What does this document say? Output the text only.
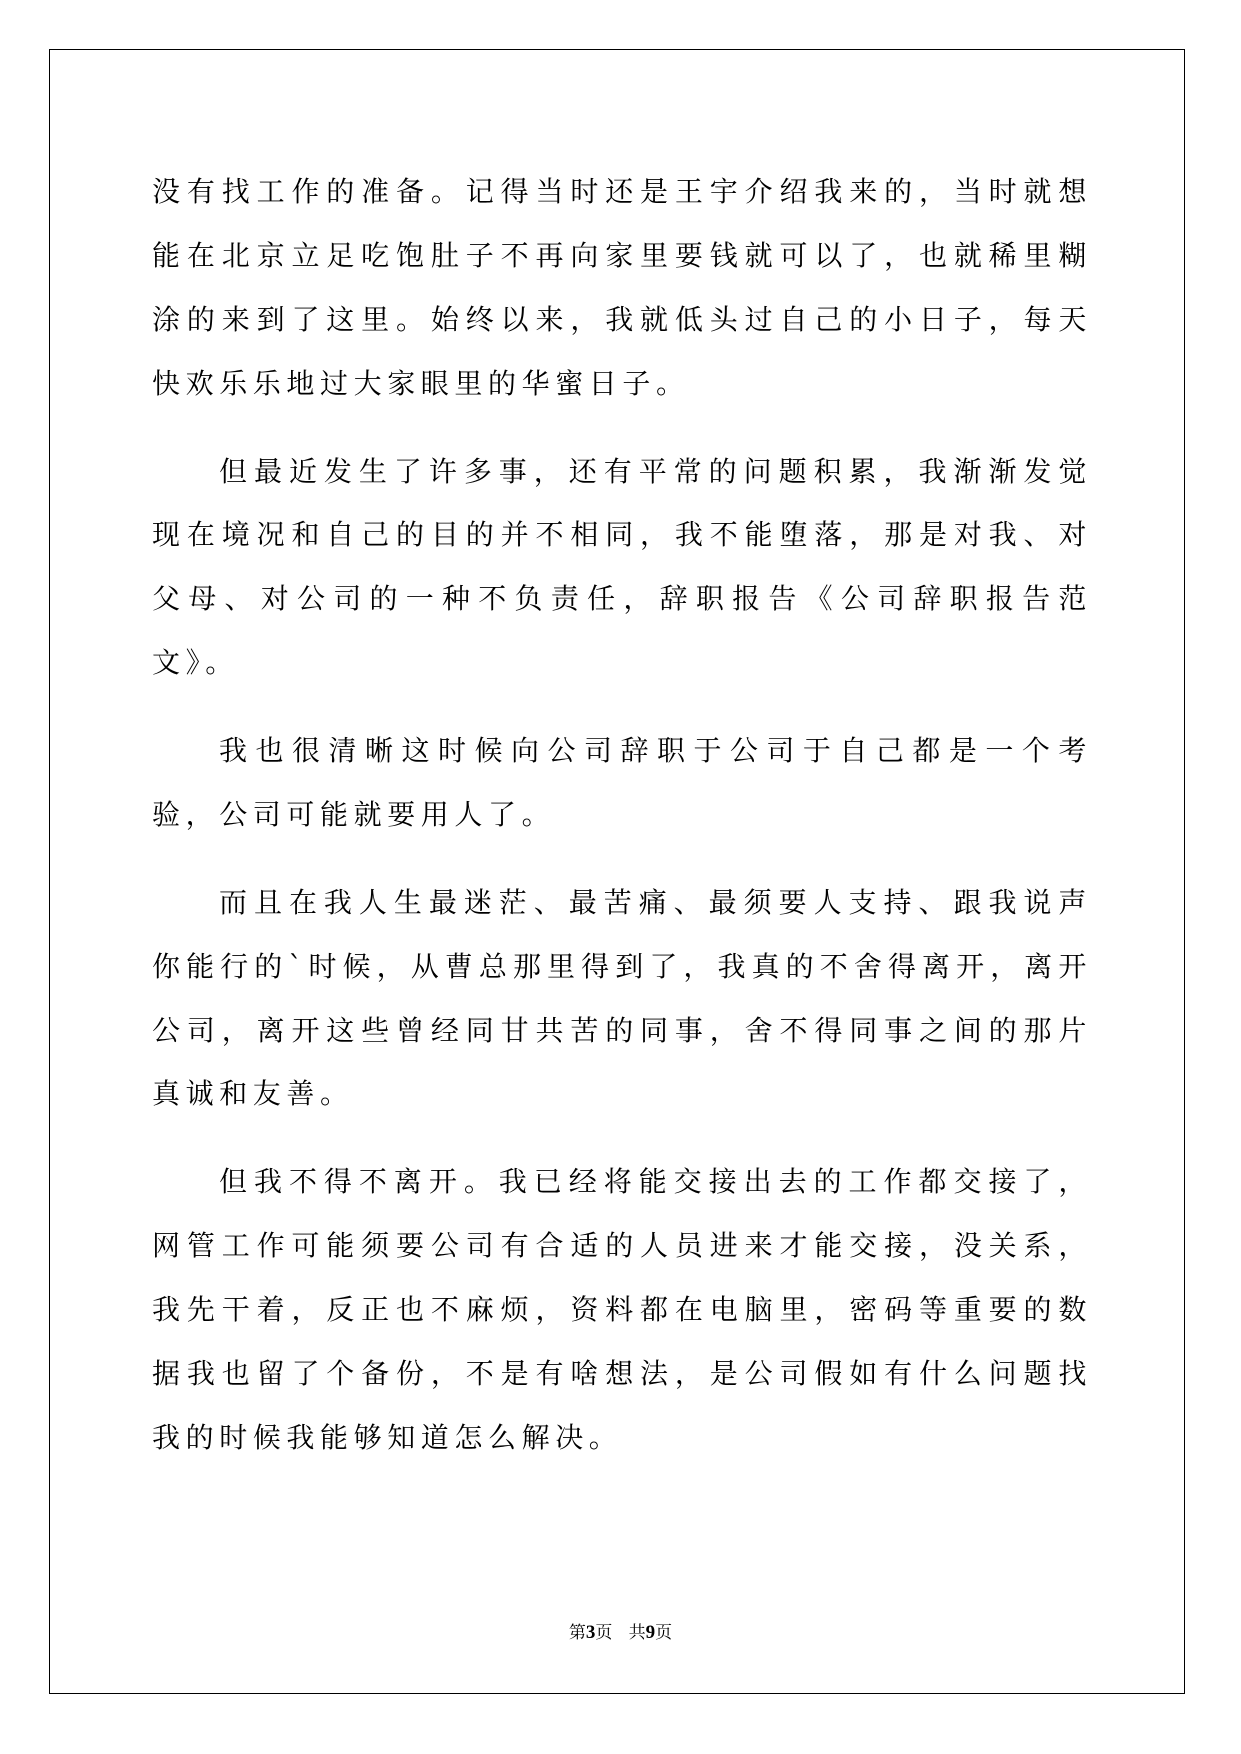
没有找工作的准备。记得当时还是王宇介绍我来的，当时就想能在北京立足吃饱肚子不再向家里要钱就可以了，也就稀里糊涂的来到了这里。始终以来，我就低头过自己的小日子，每天快欢乐乐地过大家眼里的华蜜日子。

但最近发生了许多事，还有平常的问题积累，我渐渐发觉现在境况和自己的目的并不相同，我不能堕落，那是对我、对父母、对公司的一种不负责任，辞职报告《公司辞职报告范文》。

我也很清晰这时候向公司辞职于公司于自己都是一个考验，公司可能就要用人了。

而且在我人生最迷茫、最苦痛、最须要人支持、跟我说声你能行的`时候，从曹总那里得到了，我真的不舍得离开，离开公司，离开这些曾经同甘共苦的同事，舍不得同事之间的那片真诚和友善。

但我不得不离开。我已经将能交接出去的工作都交接了，网管工作可能须要公司有合适的人员进来才能交接，没关系，我先干着，反正也不麻烦，资料都在电脑里，密码等重要的数据我也留了个备份，不是有啥想法，是公司假如有什么问题找我的时候我能够知道怎么解决。

第3页 共9页
